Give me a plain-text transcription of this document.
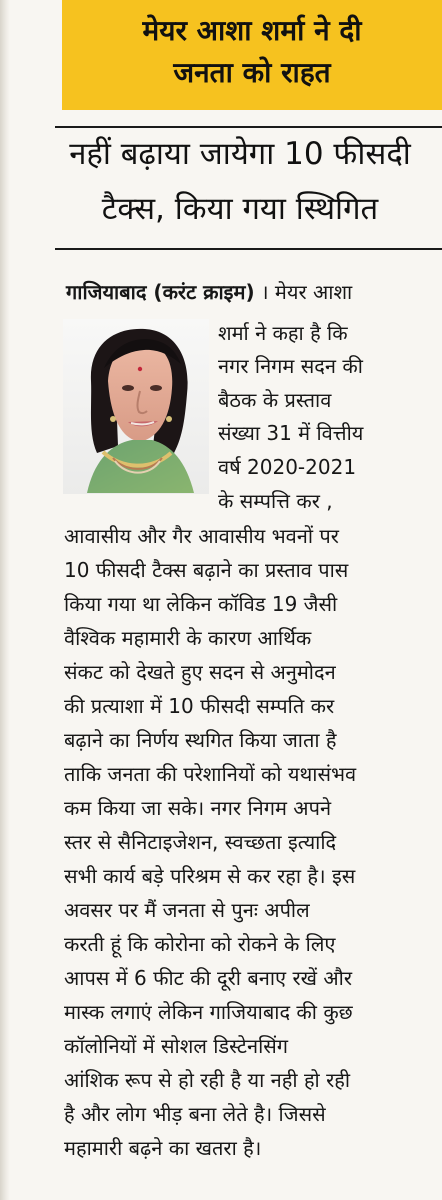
मेयर आशा शर्मा ने दी
जनता को राहत
नहीं बढ़ाया जायेगा 10 फीसदी
टैक्स, किया गया स्थिगित
गाजियाबाद (करंट क्राइम) । मेयर आशा
शर्मा ने कहा है कि
नगर निगम सदन की
बैठक के प्रस्ताव
संख्या 31 में वित्तीय
वर्ष 2020-2021
के सम्पत्ति कर ,
आवासीय और गैर आवासीय भवनों पर
10 फीसदी टैक्स बढ़ाने का प्रस्ताव पास
किया गया था लेकिन कॉविड 19 जैसी
वैश्विक महामारी के कारण आर्थिक
संकट को देखते हुए सदन से अनुमोदन
की प्रत्याशा में 10 फीसदी सम्पति कर
बढ़ाने का निर्णय स्थगित किया जाता है
ताकि जनता की परेशानियों को यथासंभव
कम किया जा सके। नगर निगम अपने
स्तर से सैनिटाइजेशन, स्वच्छता इत्यादि
सभी कार्य बड़े परिश्रम से कर रहा है। इस
अवसर पर मैं जनता से पुनः अपील
करती हूं कि कोरोना को रोकने के लिए
आपस में 6 फीट की दूरी बनाए रखें और
मास्क लगाएं लेकिन गाजियाबाद की कुछ
कॉलोनियों में सोशल डिस्टेनसिंग
आंशिक रूप से हो रही है या नही हो रही
है और लोग भीड़ बना लेते है। जिससे
महामारी बढ़ने का खतरा है।
